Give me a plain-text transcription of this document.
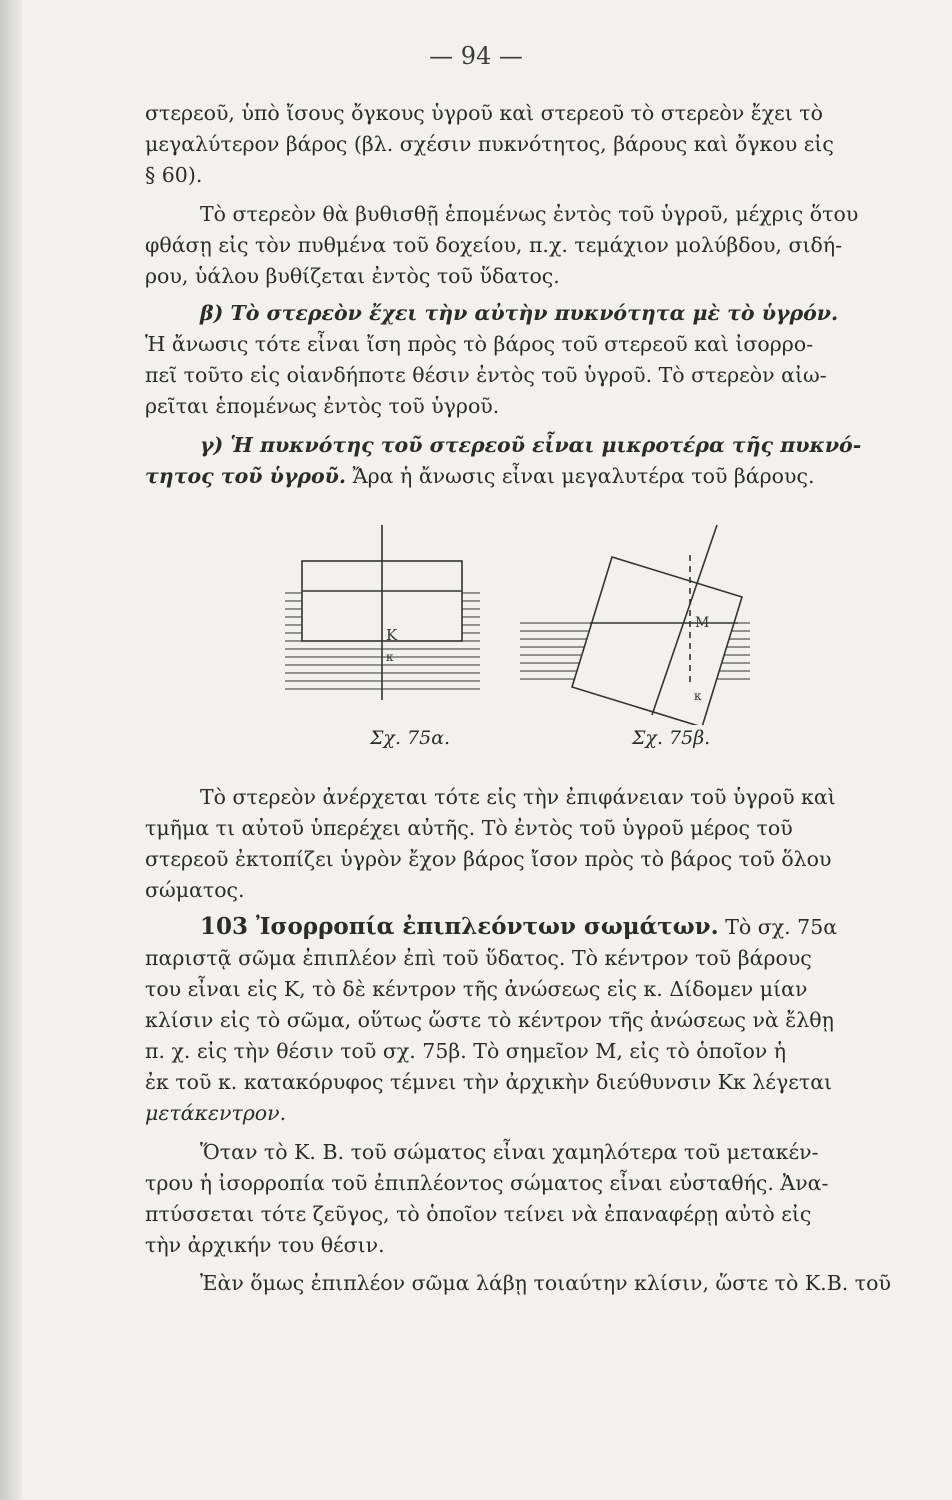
— 94 —
στερεοῦ, ὑπὸ ἴσους ὄγκους ὑγροῦ καὶ στερεοῦ τὸ στερεὸν ἔχει τὸ
μεγαλύτερον βάρος (βλ. σχέσιν πυκνότητος, βάρους καὶ ὄγκου εἰς
§ 60).
Τὸ στερεὸν θὰ βυθισθῇ ἑπομένως ἐντὸς τοῦ ὑγροῦ, μέχρις ὅτου
φθάσῃ εἰς τὸν πυθμένα τοῦ δοχείου, π.χ. τεμάχιον μολύβδου, σιδή-
ρου, ὑάλου βυθίζεται ἐντὸς τοῦ ὕδατος.
β) Τὸ στερεὸν ἔχει τὴν αὐτὴν πυκνότητα μὲ τὸ ὑγρόν.
Ἡ ἄνωσις τότε εἶναι ἴση πρὸς τὸ βάρος τοῦ στερεοῦ καὶ ἰσορρο-
πεῖ τοῦτο εἰς οἱανδήποτε θέσιν ἐντὸς τοῦ ὑγροῦ. Τὸ στερεὸν αἰω-
ρεῖται ἑπομένως ἐντὸς τοῦ ὑγροῦ.
γ) Ἡ πυκνότης τοῦ στερεοῦ εἶναι μικροτέρα τῆς πυκνό-
τητος τοῦ ὑγροῦ. Ἄρα ἡ ἄνωσις εἶναι μεγαλυτέρα τοῦ βάρους.
Κ
κ
M
κ
Σχ. 75α.	Σχ. 75β.
Τὸ στερεὸν ἀνέρχεται τότε εἰς τὴν ἐπιφάνειαν τοῦ ὑγροῦ καὶ
τμῆμα τι αὐτοῦ ὑπερέχει αὐτῆς. Τὸ ἐντὸς τοῦ ὑγροῦ μέρος τοῦ
στερεοῦ ἐκτοπίζει ὑγρὸν ἔχον βάρος ἴσον πρὸς τὸ βάρος τοῦ ὅλου
σώματος.
103 Ἰσορροπία ἐπιπλεόντων σωμάτων. Τὸ σχ. 75α
παριστᾷ σῶμα ἐπιπλέον ἐπὶ τοῦ ὕδατος. Τὸ κέντρον τοῦ βάρους
του εἶναι εἰς Κ, τὸ δὲ κέντρον τῆς ἀνώσεως εἰς κ. Δίδομεν μίαν
κλίσιν εἰς τὸ σῶμα, οὕτως ὥστε τὸ κέντρον τῆς ἀνώσεως νὰ ἔλθῃ
π. χ. εἰς τὴν θέσιν τοῦ σχ. 75β. Τὸ σημεῖον Μ, εἰς τὸ ὁποῖον ἡ
ἐκ τοῦ κ. κατακόρυφος τέμνει τὴν ἀρχικὴν διεύθυνσιν Κκ λέγεται
μετάκεντρον.
Ὅταν τὸ Κ. Β. τοῦ σώματος εἶναι χαμηλότερα τοῦ μετακέν-
τρου ἡ ἰσορροπία τοῦ ἐπιπλέοντος σώματος εἶναι εὐσταθής. Ἀνα-
πτύσσεται τότε ζεῦγος, τὸ ὁποῖον τείνει νὰ ἐπαναφέρῃ αὐτὸ εἰς
τὴν ἀρχικήν του θέσιν.
Ἐὰν ὅμως ἐπιπλέον σῶμα λάβῃ τοιαύτην κλίσιν, ὥστε τὸ Κ.Β. τοῦ
